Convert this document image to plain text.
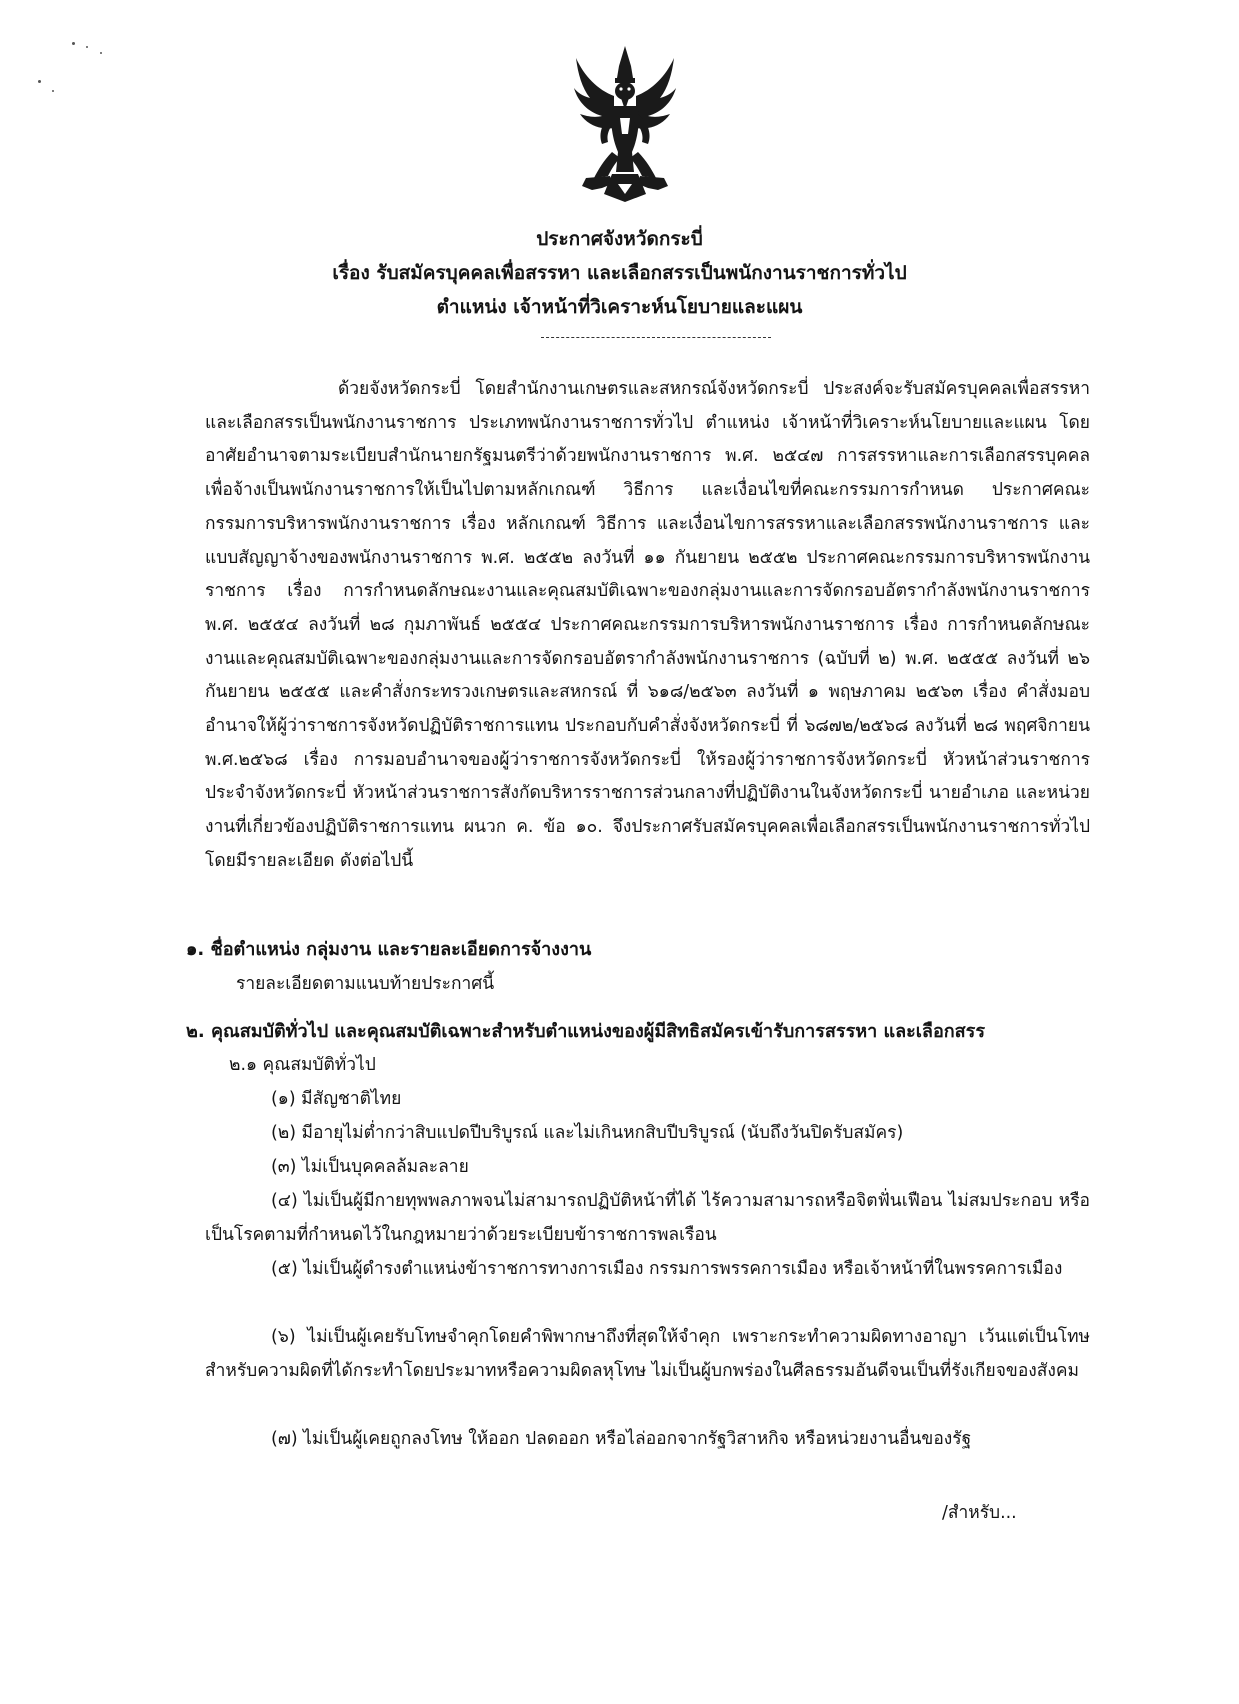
ประกาศจังหวัดกระบี่
เรื่อง รับสมัครบุคคลเพื่อสรรหา และเลือกสรรเป็นพนักงานราชการทั่วไป
ตำแหน่ง เจ้าหน้าที่วิเคราะห์นโยบายและแผน

ด้วยจังหวัดกระบี่ โดยสำนักงานเกษตรและสหกรณ์จังหวัดกระบี่ ประสงค์จะรับสมัครบุคคลเพื่อสรรหาและเลือกสรรเป็นพนักงานราชการ ประเภทพนักงานราชการทั่วไป ตำแหน่ง เจ้าหน้าที่วิเคราะห์นโยบายและแผน โดยอาศัยอำนาจตามระเบียบสำนักนายกรัฐมนตรีว่าด้วยพนักงานราชการ พ.ศ. ๒๕๔๗ การสรรหาและการเลือกสรรบุคคลเพื่อจ้างเป็นพนักงานราชการให้เป็นไปตามหลักเกณฑ์ วิธีการ และเงื่อนไขที่คณะกรรมการกำหนด ประกาศคณะกรรมการบริหารพนักงานราชการ เรื่อง หลักเกณฑ์ วิธีการ และเงื่อนไขการสรรหาและเลือกสรรพนักงานราชการ และแบบสัญญาจ้างของพนักงานราชการ พ.ศ. ๒๕๕๒ ลงวันที่ ๑๑ กันยายน ๒๕๕๒ ประกาศคณะกรรมการบริหารพนักงานราชการ เรื่อง การกำหนดลักษณะงานและคุณสมบัติเฉพาะของกลุ่มงานและการจัดกรอบอัตรากำลังพนักงานราชการ พ.ศ. ๒๕๕๔ ลงวันที่ ๒๘ กุมภาพันธ์ ๒๕๕๔ ประกาศคณะกรรมการบริหารพนักงานราชการ เรื่อง การกำหนดลักษณะงานและคุณสมบัติเฉพาะของกลุ่มงานและการจัดกรอบอัตรากำลังพนักงานราชการ (ฉบับที่ ๒) พ.ศ. ๒๕๕๕ ลงวันที่ ๒๖ กันยายน ๒๕๕๕ และคำสั่งกระทรวงเกษตรและสหกรณ์ ที่ ๖๑๘/๒๕๖๓ ลงวันที่ ๑ พฤษภาคม ๒๕๖๓ เรื่อง คำสั่งมอบอำนาจให้ผู้ว่าราชการจังหวัดปฏิบัติราชการแทน ประกอบกับคำสั่งจังหวัดกระบี่ ที่ ๖๘๗๒/๒๕๖๘ ลงวันที่ ๒๘ พฤศจิกายน พ.ศ.๒๕๖๘ เรื่อง การมอบอำนาจของผู้ว่าราชการจังหวัดกระบี่ ให้รองผู้ว่าราชการจังหวัดกระบี่ หัวหน้าส่วนราชการประจำจังหวัดกระบี่ หัวหน้าส่วนราชการสังกัดบริหารราชการส่วนกลางที่ปฏิบัติงานในจังหวัดกระบี่ นายอำเภอ และหน่วยงานที่เกี่ยวข้องปฏิบัติราชการแทน ผนวก ค. ข้อ ๑๐. จึงประกาศรับสมัครบุคคลเพื่อเลือกสรรเป็นพนักงานราชการทั่วไป โดยมีรายละเอียด ดังต่อไปนี้

๑. ชื่อตำแหน่ง กลุ่มงาน และรายละเอียดการจ้างงาน
รายละเอียดตามแนบท้ายประกาศนี้
๒. คุณสมบัติทั่วไป และคุณสมบัติเฉพาะสำหรับตำแหน่งของผู้มีสิทธิสมัครเข้ารับการสรรหา และเลือกสรร
๒.๑ คุณสมบัติทั่วไป

(๑) มีสัญชาติไทย

(๒) มีอายุไม่ต่ำกว่าสิบแปดปีบริบูรณ์ และไม่เกินหกสิบปีบริบูรณ์ (นับถึงวันปิดรับสมัคร)

(๓) ไม่เป็นบุคคลล้มละลาย

(๔) ไม่เป็นผู้มีกายทุพพลภาพจนไม่สามารถปฏิบัติหน้าที่ได้ ไร้ความสามารถหรือจิตฟั่นเฟือน ไม่สมประกอบ หรือเป็นโรคตามที่กำหนดไว้ในกฎหมายว่าด้วยระเบียบข้าราชการพลเรือน

(๕) ไม่เป็นผู้ดำรงตำแหน่งข้าราชการทางการเมือง กรรมการพรรคการเมือง หรือเจ้าหน้าที่ในพรรคการเมือง

(๖) ไม่เป็นผู้เคยรับโทษจำคุกโดยคำพิพากษาถึงที่สุดให้จำคุก เพราะกระทำความผิดทางอาญา เว้นแต่เป็นโทษสำหรับความผิดที่ได้กระทำโดยประมาทหรือความผิดลหุโทษ ไม่เป็นผู้บกพร่องในศีลธรรมอันดีจนเป็นที่รังเกียจของสังคม

(๗) ไม่เป็นผู้เคยถูกลงโทษ ให้ออก ปลดออก หรือไล่ออกจากรัฐวิสาหกิจ หรือหน่วยงานอื่นของรัฐ

/สำหรับ...
